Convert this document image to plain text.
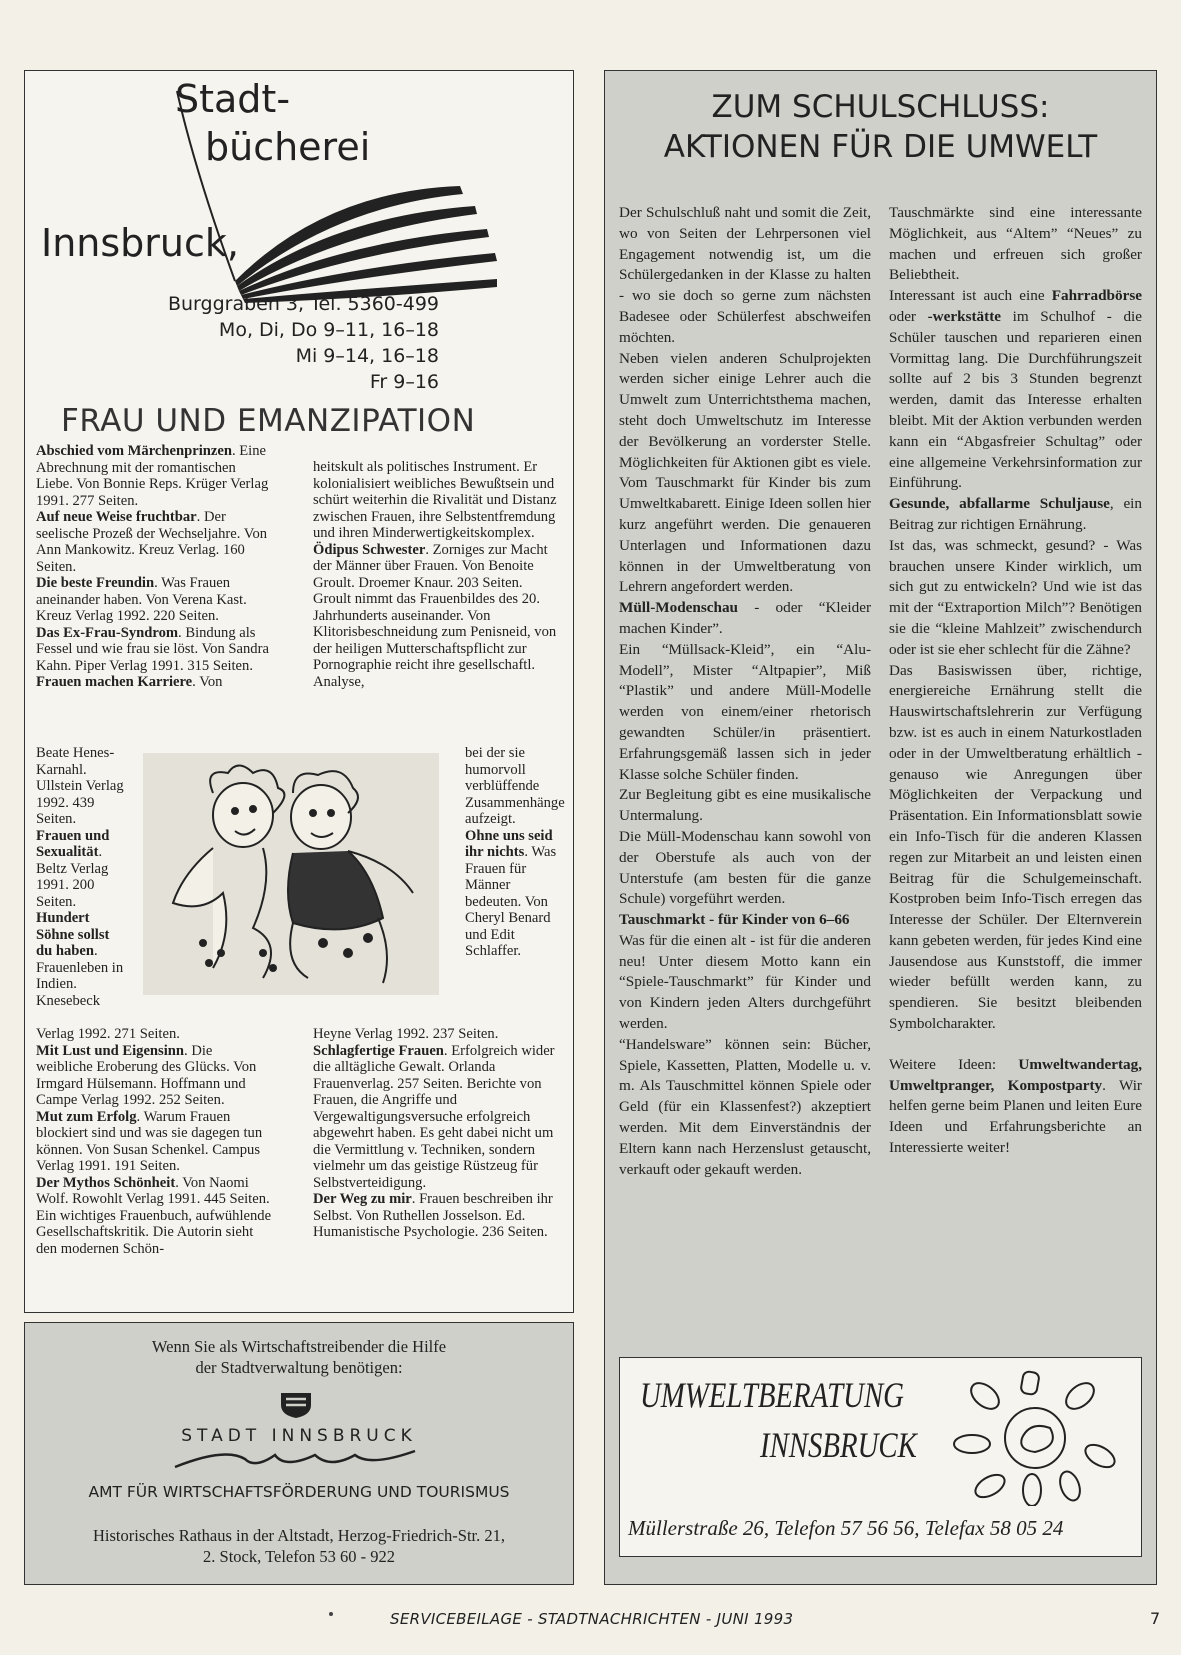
Stadt-
bücherei
Innsbruck,
Burggraben 3, Tel. 5360-499
Mo, Di, Do 9–11, 16–18
Mi 9–14, 16–18
Fr 9–16
FRAU UND EMANZIPATION

Abschied vom Märchenprinzen. Eine Abrechnung mit der romantischen Liebe. Von Bonnie Reps. Krüger Verlag 1991. 277 Seiten.

Auf neue Weise fruchtbar. Der seelische Prozeß der Wechseljahre. Von Ann Mankowitz. Kreuz Verlag. 160 Seiten.

Die beste Freundin. Was Frauen aneinander haben. Von Verena Kast. Kreuz Verlag 1992. 220 Seiten.

Das Ex-Frau-Syndrom. Bindung als Fessel und wie frau sie löst. Von Sandra Kahn. Piper Verlag 1991. 315 Seiten.

Frauen machen Karriere. Von

Beate Henes-Karnahl. Ullstein Verlag 1992. 439 Seiten.

Frauen und Sexualität. Beltz Verlag 1991. 200 Seiten.

Hundert Söhne sollst du haben. Frauenleben in Indien. Knesebeck

Verlag 1992. 271 Seiten.

Mit Lust und Eigensinn. Die weibliche Eroberung des Glücks. Von Irmgard Hülsemann. Hoffmann und Campe Verlag 1992. 252 Seiten.

Mut zum Erfolg. Warum Frauen blockiert sind und was sie dagegen tun können. Von Susan Schenkel. Campus Verlag 1991. 191 Seiten.

Der Mythos Schönheit. Von Naomi Wolf. Rowohlt Verlag 1991. 445 Seiten.

Ein wichtiges Frauenbuch, aufwühlende Gesellschaftskritik. Die Autorin sieht den modernen Schön-

heitskult als politisches Instrument. Er kolonialisiert weibliches Bewußtsein und schürt weiterhin die Rivalität und Distanz zwischen Frauen, ihre Selbstentfremdung und ihren Minderwertigkeitskomplex.

Ödipus Schwester. Zorniges zur Macht der Männer über Frauen. Von Benoite Groult. Droemer Knaur. 203 Seiten.

Groult nimmt das Frauenbildes des 20. Jahrhunderts auseinander. Von Klitorisbeschneidung zum Penisneid, von der heiligen Mutterschaftspflicht zur Pornographie reicht ihre gesellschaftl. Analyse,

bei der sie humorvoll verblüffende Zusammenhänge aufzeigt.

Ohne uns seid ihr nichts. Was Frauen für Männer bedeuten. Von Cheryl Benard und Edit Schlaffer.

Heyne Verlag 1992. 237 Seiten.

Schlagfertige Frauen. Erfolgreich wider die alltägliche Gewalt. Orlanda Frauenverlag. 257 Seiten. Berichte von Frauen, die Angriffe und Vergewaltigungsversuche erfolgreich abgewehrt haben. Es geht dabei nicht um die Vermittlung v. Techniken, sondern vielmehr um das geistige Rüstzeug für Selbstverteidigung.

Der Weg zu mir. Frauen beschreiben ihr Selbst. Von Ruthellen Josselson. Ed. Humanistische Psychologie. 236 Seiten.

Wenn Sie als Wirtschaftstreibender die Hilfe
der Stadtverwaltung benötigen:
STADT INNSBRUCK
AMT FÜR WIRTSCHAFTSFÖRDERUNG UND TOURISMUS
Historisches Rathaus in der Altstadt, Herzog-Friedrich-Str. 21,
2. Stock, Telefon 53 60 - 922
ZUM SCHULSCHLUSS:
AKTIONEN FÜR DIE UMWELT

Der Schulschluß naht und somit die Zeit, wo von Seiten der Lehrpersonen viel Engagement notwendig ist, um die Schülergedanken in der Klasse zu halten - wo sie doch so gerne zum nächsten Badesee oder Schülerfest abschweifen möchten.

Neben vielen anderen Schulprojekten werden sicher einige Lehrer auch die Umwelt zum Unterrichtsthema machen, steht doch Umweltschutz im Interesse der Bevölkerung an vorderster Stelle. Möglichkeiten für Aktionen gibt es viele. Vom Tauschmarkt für Kinder bis zum Umweltkabarett. Einige Ideen sollen hier kurz angeführt werden. Die genaueren Unterlagen und Informationen dazu können in der Umweltberatung von Lehrern angefordert werden.

Müll-Modenschau - oder “Kleider machen Kinder”.

Ein “Müllsack-Kleid”, ein “Alu-Modell”, Mister “Altpapier”, Miß “Plastik” und andere Müll-Modelle werden von einem/einer rhetorisch gewandten Schüler/in präsentiert. Erfahrungsgemäß lassen sich in jeder Klasse solche Schüler finden.

Zur Begleitung gibt es eine musikalische Untermalung.

Die Müll-Modenschau kann sowohl von der Oberstufe als auch von der Unterstufe (am besten für die ganze Schule) vorgeführt werden.

Tauschmarkt - für Kinder von 6–66

Was für die einen alt - ist für die anderen neu! Unter diesem Motto kann ein “Spiele-Tauschmarkt” für Kinder und von Kindern jeden Alters durchgeführt werden.

“Handelsware” können sein: Bücher, Spiele, Kassetten, Platten, Modelle u. v. m. Als Tauschmittel können Spiele oder Geld (für ein Klassenfest?) akzeptiert werden. Mit dem Einverständnis der Eltern kann nach Herzenslust getauscht, verkauft oder gekauft werden.

Tauschmärkte sind eine interessante Möglichkeit, aus “Altem” “Neues” zu machen und erfreuen sich großer Beliebtheit.

Interessant ist auch eine Fahrradbörse oder -werkstätte im Schulhof - die Schüler tauschen und reparieren einen Vormittag lang. Die Durchführungszeit sollte auf 2 bis 3 Stunden begrenzt werden, damit das Interesse erhalten bleibt. Mit der Aktion verbunden werden kann ein “Abgasfreier Schultag” oder eine allgemeine Verkehrsinformation zur Einführung.

Gesunde, abfallarme Schuljause, ein Beitrag zur richtigen Ernährung.

Ist das, was schmeckt, gesund? - Was brauchen unsere Kinder wirklich, um sich gut zu entwickeln? Und wie ist das mit der “Extraportion Milch”? Benötigen sie die “kleine Mahlzeit” zwischendurch oder ist sie eher schlecht für die Zähne?

Das Basiswissen über, richtige, energiereiche Ernährung stellt die Hauswirtschaftslehrerin zur Verfügung bzw. ist es auch in einem Naturkostladen oder in der Umweltberatung erhältlich - genauso wie Anregungen über Möglichkeiten der Verpackung und Präsentation. Ein Informationsblatt sowie ein Info-Tisch für die anderen Klassen regen zur Mitarbeit an und leisten einen Beitrag für die Schulgemeinschaft. Kostproben beim Info-Tisch erregen das Interesse der Schüler. Der Elternverein kann gebeten werden, für jedes Kind eine Jausendose aus Kunststoff, die immer wieder befüllt werden kann, zu spendieren. Sie besitzt bleibenden Symbolcharakter.

Weitere Ideen: Umweltwandertag, Umweltpranger, Kompostparty. Wir helfen gerne beim Planen und leiten Eure Ideen und Erfahrungsberichte an Interessierte weiter!

UMWELTBERATUNG
INNSBRUCK
Müllerstraße 26, Telefon 57 56 56, Telefax 58 05 24
SERVICEBEILAGE - STADTNACHRICHTEN - JUNI 1993	7
